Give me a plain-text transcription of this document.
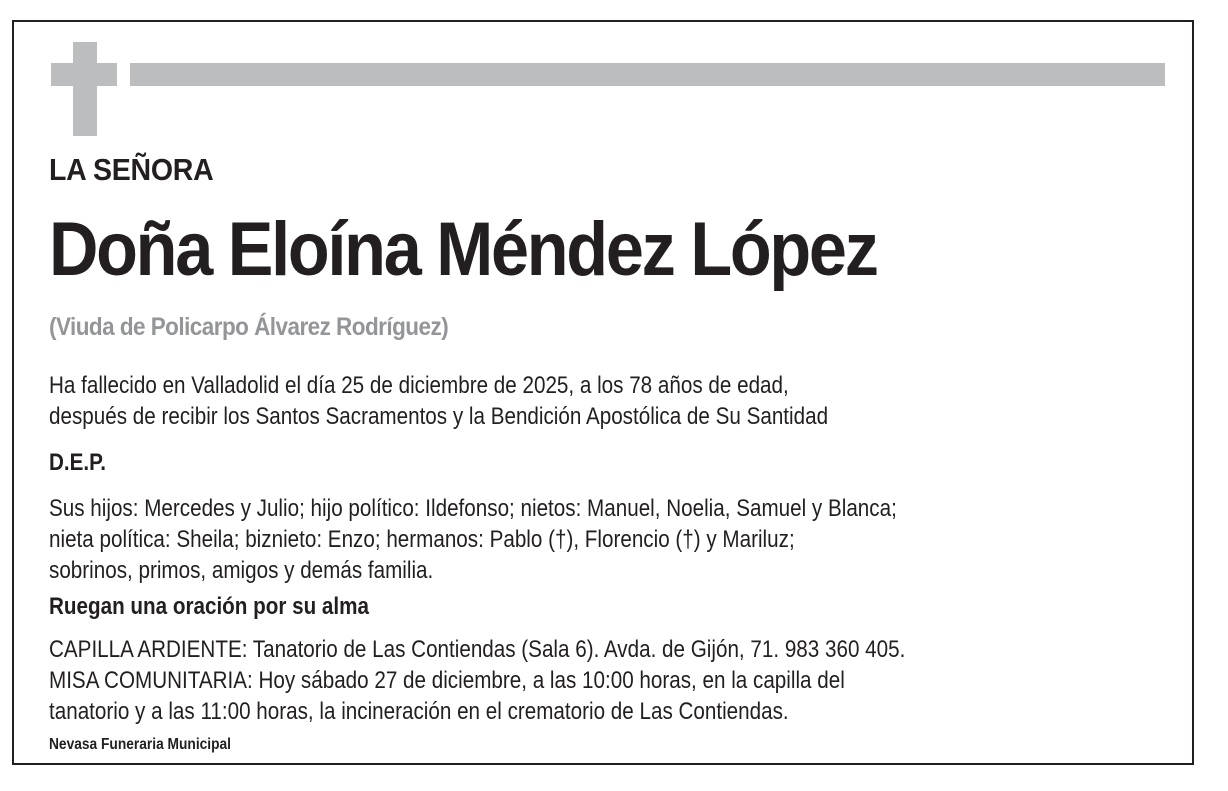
LA SEÑORA
Doña Eloína Méndez López
(Viuda de Policarpo Álvarez Rodríguez)
Ha fallecido en Valladolid el día 25 de diciembre de 2025, a los 78 años de edad,
después de recibir los Santos Sacramentos y la Bendición Apostólica de Su Santidad
D.E.P.
Sus hijos: Mercedes y Julio; hijo político: Ildefonso; nietos: Manuel, Noelia, Samuel y Blanca;
nieta política: Sheila; biznieto: Enzo; hermanos: Pablo (†), Florencio (†) y Mariluz;
sobrinos, primos, amigos y demás familia.
Ruegan una oración por su alma
CAPILLA ARDIENTE: Tanatorio de Las Contiendas (Sala 6). Avda. de Gijón, 71. 983 360 405.
MISA COMUNITARIA: Hoy sábado 27 de diciembre, a las 10:00 horas, en la capilla del
tanatorio y a las 11:00 horas, la incineración en el crematorio de Las Contiendas.
Nevasa Funeraria Municipal
